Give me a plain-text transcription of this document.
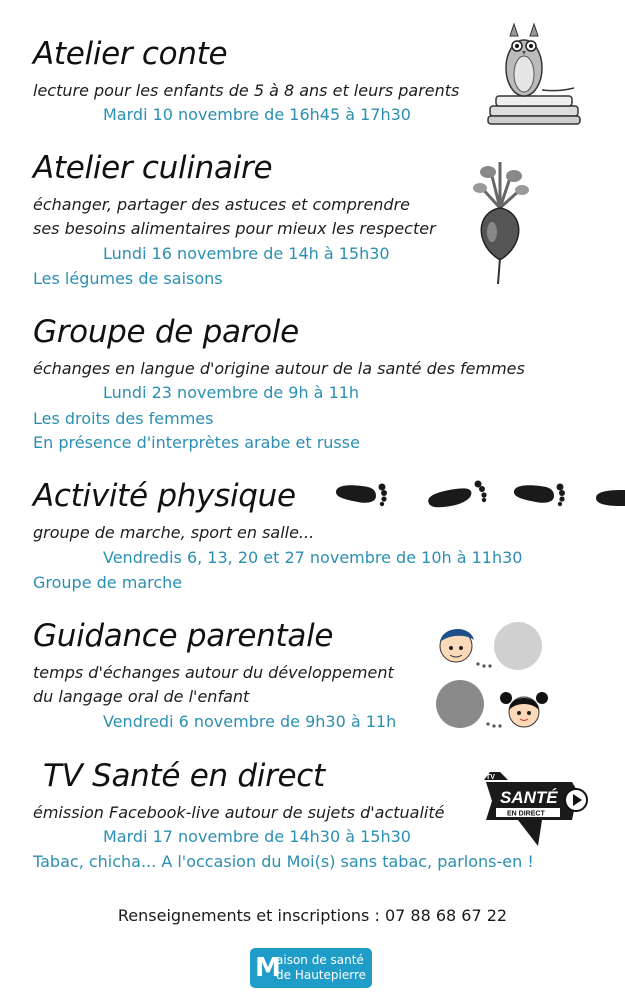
Atelier conte
lecture pour les enfants de 5 à 8 ans et leurs parents
Mardi 10 novembre de 16h45 à 17h30
Atelier culinaire
échanger, partager des astuces et comprendre
ses besoins alimentaires pour mieux les respecter
Lundi 16 novembre de 14h à 15h30
Les légumes de saisons
Groupe de parole
échanges en langue d'origine autour de la santé des femmes
Lundi 23 novembre de 9h à 11h
Les droits des femmes
En présence d'interprètes arabe et russe
Activité physique
groupe de marche, sport en salle...
Vendredis 6, 13, 20 et 27 novembre de 10h à 11h30
Groupe de marche
Guidance parentale
temps d'échanges autour du développement
du langage oral de l'enfant
Vendredi 6 novembre de 9h30 à 11h
TV Santé en direct
émission Facebook-live autour de sujets d'actualité
Mardi 17 novembre de 14h30 à 15h30
Tabac, chicha... A l'occasion du Moi(s) sans tabac, parlons-en !
TV
SANTÉ
EN DIRECT
Renseignements et inscriptions : 07 88 68 67 22
M
aison de santé
de Hautepierre
